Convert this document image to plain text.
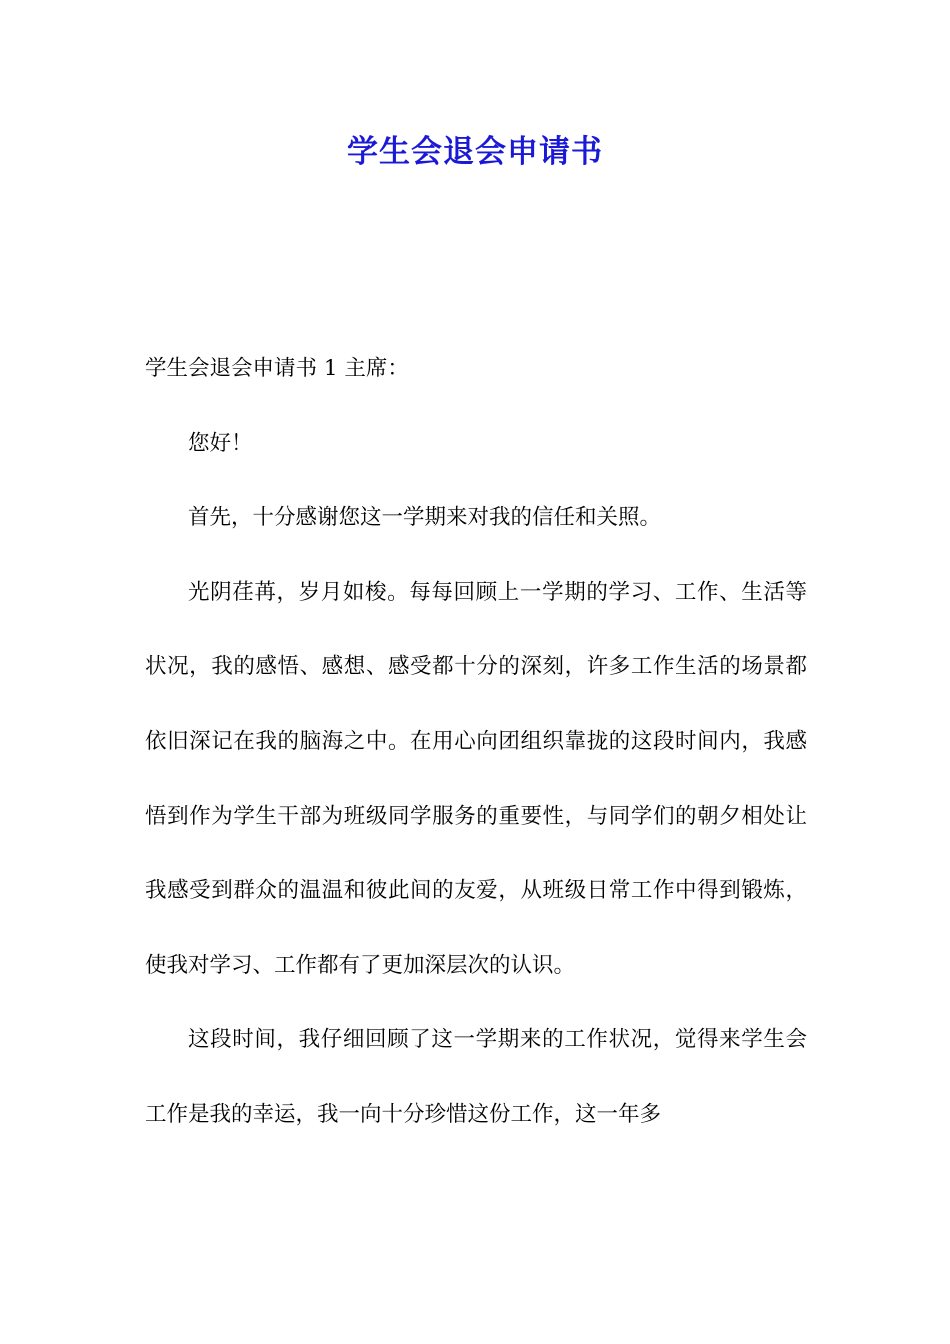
学生会退会申请书

学生会退会申请书 1 主席：

您好！

首先，十分感谢您这一学期来对我的信任和关照。

光阴荏苒，岁月如梭。每每回顾上一学期的学习、工作、生活等状况，我的感悟、感想、感受都十分的深刻，许多工作生活的场景都依旧深记在我的脑海之中。在用心向团组织靠拢的这段时间内，我感悟到作为学生干部为班级同学服务的重要性，与同学们的朝夕相处让我感受到群众的温温和彼此间的友爱，从班级日常工作中得到锻炼，使我对学习、工作都有了更加深层次的认识。

这段时间，我仔细回顾了这一学期来的工作状况，觉得来学生会工作是我的幸运，我一向十分珍惜这份工作，这一年多
